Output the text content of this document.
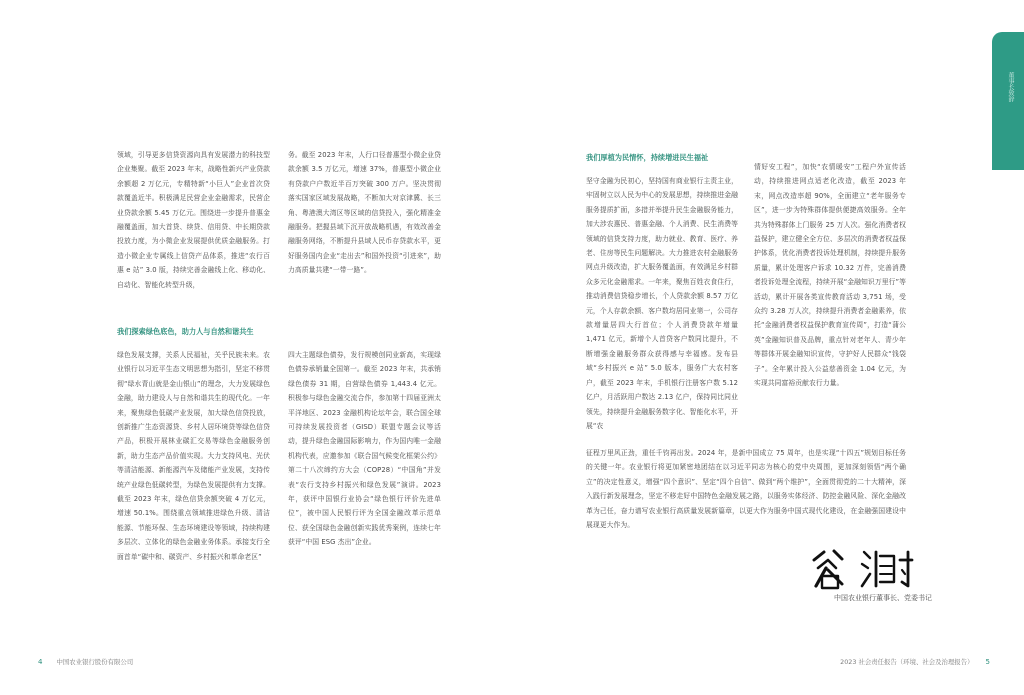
董事长致辞
领域，引导更多信贷资源向具有发展潜力的科技型企业集聚。截至 2023 年末，战略性新兴产业贷款余额超 2 万亿元，专精特新“小巨人”企业首次贷款覆盖近半。积极满足民营企业金融需求，民营企业贷款余额 5.45 万亿元。围绕进一步提升普惠金融覆盖面，加大首贷、续贷、信用贷、中长期贷款投放力度，为小微企业发展提供优质金融服务。打造小微企业专属线上信贷产品体系，推进“农行百惠 e 站” 3.0 版，持续完善金融线上化、移动化、自动化、智能化转型升级，
务。截至 2023 年末，人行口径普惠型小微企业贷款余额 3.5 万亿元，增速 37%，普惠型小微企业有贷款户户数近半百万突破 300 万户。坚决贯彻落实国家区域发展战略，不断加大对京津冀、长三角、粤港澳大湾区等区域的信贷投入，强化精准金融服务。把握县域下沉开放战略机遇，有效改善金融服务网络，不断提升县域人民币存贷款水平，更好服务国内企业“走出去”和国外投资“引进来”，助力高质量共建“一带一路”。
我们探索绿色底色，助力人与自然和谐共生
绿色发展支撑，关系人民福祉，关乎民族未来。农业银行以习近平生态文明思想为指引，坚定不移贯彻“绿水青山就是金山银山”的理念，大力发展绿色金融，助力建设人与自然和谐共生的现代化。一年来，聚焦绿色低碳产业发展，加大绿色信贷投放，创新推广生态资源贷、乡村人居环境贷等绿色信贷产品，积极开展林业碳汇交易等绿色金融服务创新，助力生态产品价值实现。大力支持风电、光伏等清洁能源、新能源汽车及储能产业发展，支持传统产业绿色低碳转型，为绿色发展提供有力支撑。截至 2023 年末，绿色信贷余额突破 4 万亿元，增速 50.1%。围绕重点领域推进绿色升级、清洁能源、节能环保、生态环境建设等领域，持续构建多层次、立体化的绿色金融业务体系。承接支行全面首单“碳中和、碳资产、乡村振兴和革命老区”
四大主题绿色债券，发行规模创同业新高，实现绿色债券承销量全国第一。截至 2023 年末，共承销绿色债券 31 期，自营绿色债券 1,443.4 亿元。积极参与绿色金融交流合作，参加第十四届亚洲太平洋地区、2023 金融机构论坛年会，联合国全球可持续发展投资者（GISD）联盟专题会议等活动，提升绿色金融国际影响力，作为国内唯一金融机构代表，应邀参加《联合国气候变化框架公约》第二十八次缔约方大会（COP28）“中国角”并发表“农行支持乡村振兴和绿色发展”演讲。2023 年，获评中国银行业协会“绿色银行评价先进单位”，被中国人民银行评为全国金融改革示范单位、获全国绿色金融创新实践优秀案例，连续七年获评“中国 ESG 杰出”企业。
我们厚植为民情怀，持续增进民生福祉
坚守金融为民初心，坚持国有商业银行主责主业，牢固树立以人民为中心的发展思想，持续推进金融服务提质扩面，多措并举提升民生金融服务能力，加大涉农惠民、普惠金融、个人消费、民生消费等领域的信贷支持力度，助力就业、教育、医疗、养老、住房等民生问题解决。大力推进农村金融服务网点升级改造，扩大服务覆盖面，有效满足乡村群众多元化金融需求。一年来，聚焦百姓衣食住行，推动消费信贷稳步增长，个人贷款余额 8.57 万亿元，个人存款余额、客户数均居同业第一，公司存款增量居四大行首位；个人消费贷款年增量 1,471 亿元，新增个人首贷客户数同比提升，不断增强金融服务群众获得感与幸福感。发布县域“乡村振兴 e 站” 5.0 版本，服务广大农村客户，截至 2023 年末，手机银行注册客户数 5.12 亿户，月活跃用户数达 2.13 亿户，保持同比同业领先，持续提升金融服务数字化、智能化水平，开展“农
情好安工程”，加快“农情暖安”工程户外宣传活动，持续推进网点适老化改造，截至 2023 年末，网点改造率超 90%，全面建立“老年服务专区”，进一步为特殊群体提供便捷高效服务。全年共为特殊群体上门服务 25 万人次。强化消费者权益保护，建立健全全方位、多层次的消费者权益保护体系，优化消费者投诉处理机制，持续提升服务质量，累计处理客户诉求 10.32 万件，完善消费者投诉处理全流程，持续开展“金融知识万里行”等活动，累计开展各类宣传教育活动 3,751 场，受众约 3.28 万人次，持续提升消费者金融素养，依托“金融消费者权益保护教育宣传周”，打造“蒲公英”金融知识普及品牌，重点针对老年人、青少年等群体开展金融知识宣传，守护好人民群众“钱袋子”。全年累计投入公益慈善资金 1.04 亿元，为实现共同富裕贡献农行力量。
征程万里风正劲，重任千钧再出发。2024 年，是新中国成立 75 周年，也是实现“十四五”规划目标任务的关键一年。农业银行将更加紧密地团结在以习近平同志为核心的党中央周围，更加深刻领悟“两个确立”的决定性意义，增强“四个意识”、坚定“四个自信”、做到“两个维护”，全面贯彻党的二十大精神，深入践行新发展理念，坚定不移走好中国特色金融发展之路，以服务实体经济、防控金融风险、深化金融改革为己任，奋力谱写农业银行高质量发展新篇章，以更大作为服务中国式现代化建设，在金融强国建设中展现更大作为。
中国农业银行董事长、党委书记
4 中国农业银行股份有限公司	2023 社会责任报告（环境、社会及治理报告） 5
